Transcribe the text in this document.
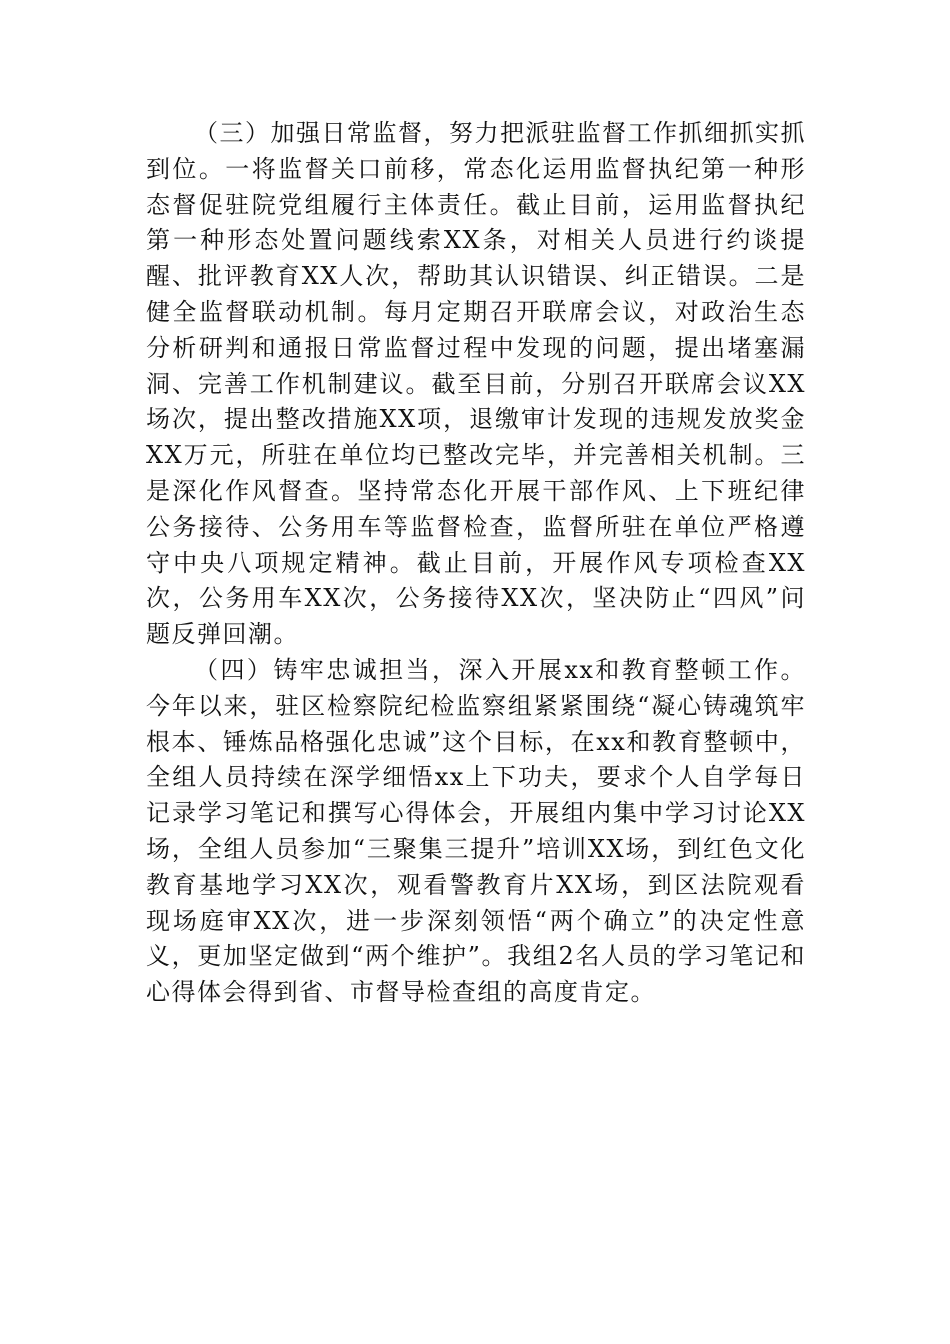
（三）加强日常监督，努力把派驻监督工作抓细抓实抓到位。一将监督关口前移，常态化运用监督执纪第一种形态督促驻院党组履行主体责任。截止目前，运用监督执纪第一种形态处置问题线索XX条，对相关人员进行约谈提醒、批评教育XX人次，帮助其认识错误、纠正错误。二是健全监督联动机制。每月定期召开联席会议，对政治生态分析研判和通报日常监督过程中发现的问题，提出堵塞漏洞、完善工作机制建议。截至目前，分别召开联席会议XX场次，提出整改措施XX项，退缴审计发现的违规发放奖金XX万元，所驻在单位均已整改完毕，并完善相关机制。三是深化作风督查。坚持常态化开展干部作风、上下班纪律公务接待、公务用车等监督检查，监督所驻在单位严格遵守中央八项规定精神。截止目前，开展作风专项检查XX次，公务用车XX次，公务接待XX次，坚决防止“四风”问题反弹回潮。

（四）铸牢忠诚担当，深入开展xx和教育整顿工作。今年以来，驻区检察院纪检监察组紧紧围绕“凝心铸魂筑牢根本、锤炼品格强化忠诚”这个目标，在xx和教育整顿中，全组人员持续在深学细悟xx上下功夫，要求个人自学每日记录学习笔记和撰写心得体会，开展组内集中学习讨论XX场，全组人员参加“三聚集三提升”培训XX场，到红色文化教育基地学习XX次，观看警教育片XX场，到区法院观看现场庭审XX次，进一步深刻领悟“两个确立”的决定性意义，更加坚定做到“两个维护”。我组2名人员的学习笔记和心得体会得到省、市督导检查组的高度肯定。
